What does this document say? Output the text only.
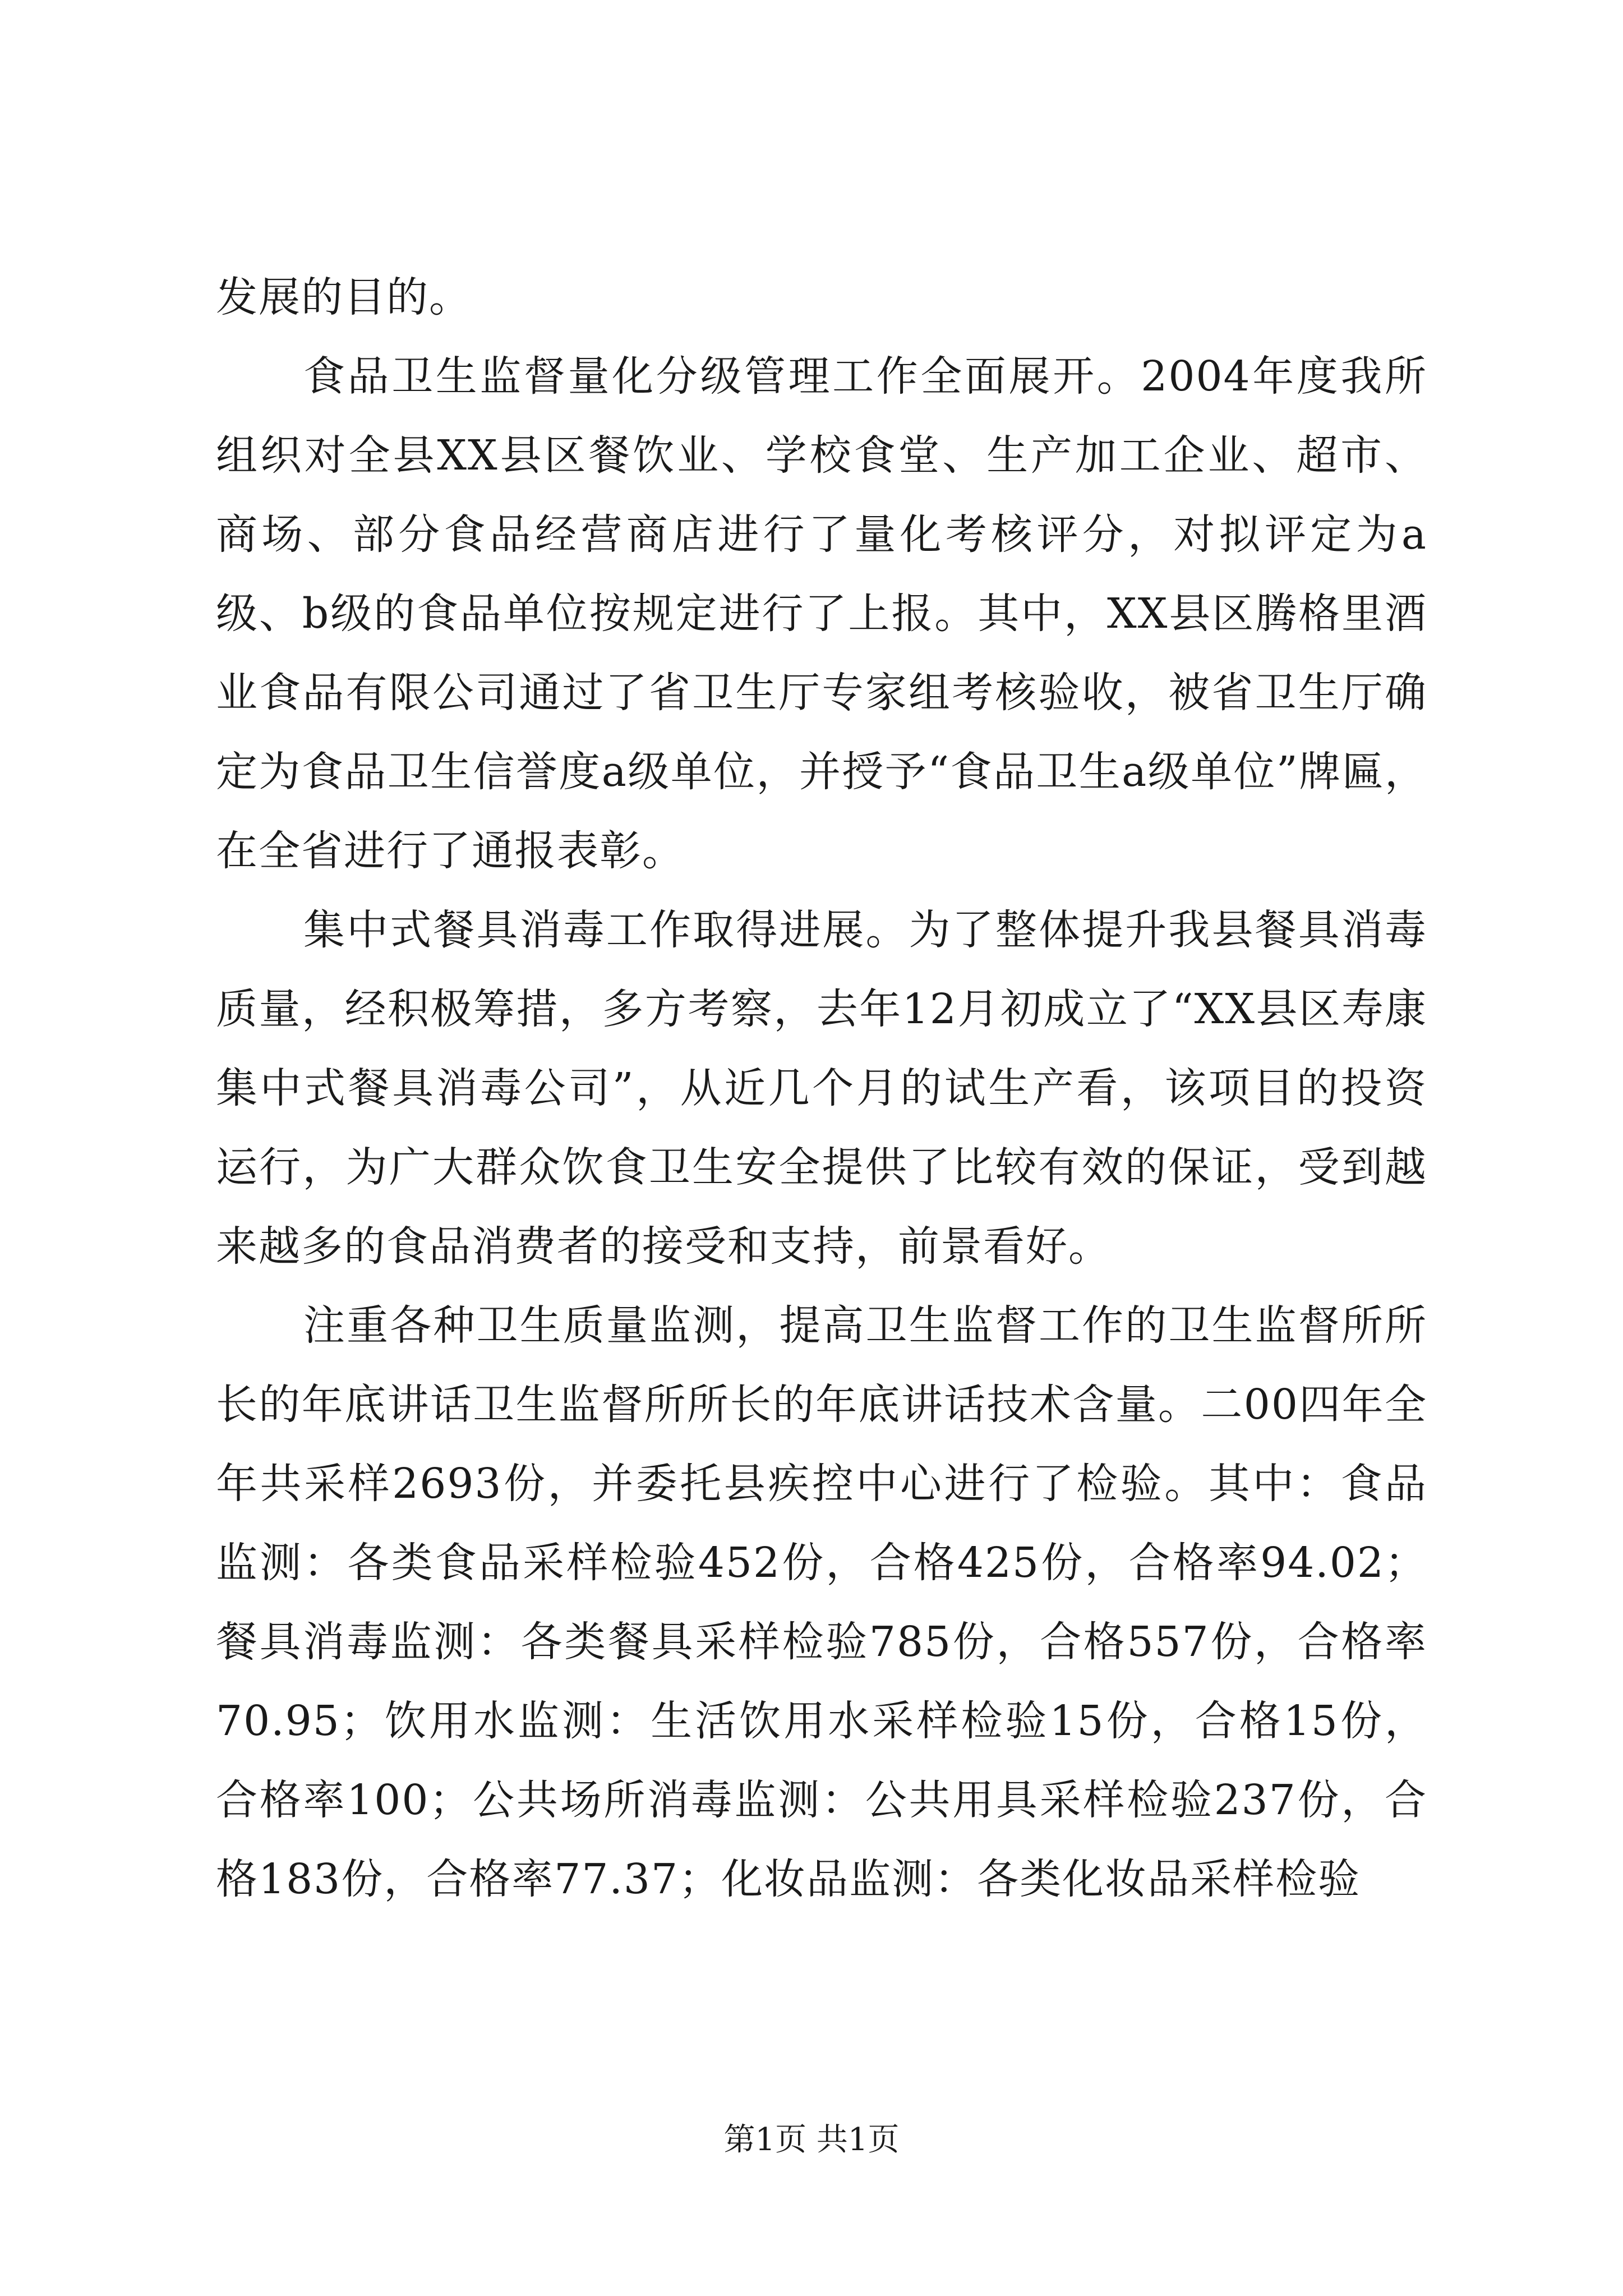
发展的目的。

食品卫生监督量化分级管理工作全面展开。2004年度我所组织对全县XX县区餐饮业、学校食堂、生产加工企业、超市、商场、部分食品经营商店进行了量化考核评分，对拟评定为a级、b级的食品单位按规定进行了上报。其中，XX县区腾格里酒业食品有限公司通过了省卫生厅专家组考核验收，被省卫生厅确定为食品卫生信誉度a级单位，并授予“食品卫生a级单位”牌匾，在全省进行了通报表彰。

集中式餐具消毒工作取得进展。为了整体提升我县餐具消毒质量，经积极筹措，多方考察，去年12月初成立了“XX县区寿康集中式餐具消毒公司”，从近几个月的试生产看，该项目的投资运行，为广大群众饮食卫生安全提供了比较有效的保证，受到越来越多的食品消费者的接受和支持，前景看好。

注重各种卫生质量监测，提高卫生监督工作的卫生监督所所长的年底讲话卫生监督所所长的年底讲话技术含量。二00四年全年共采样2693份，并委托县疾控中心进行了检验。其中：食品监测：各类食品采样检验452份，合格425份，合格率94.02；餐具消毒监测：各类餐具采样检验785份，合格557份，合格率70.95；饮用水监测：生活饮用水采样检验15份，合格15份，合格率100；公共场所消毒监测：公共用具采样检验237份，合格183份，合格率77.37；化妆品监测：各类化妆品采样检验

第1页 共1页
